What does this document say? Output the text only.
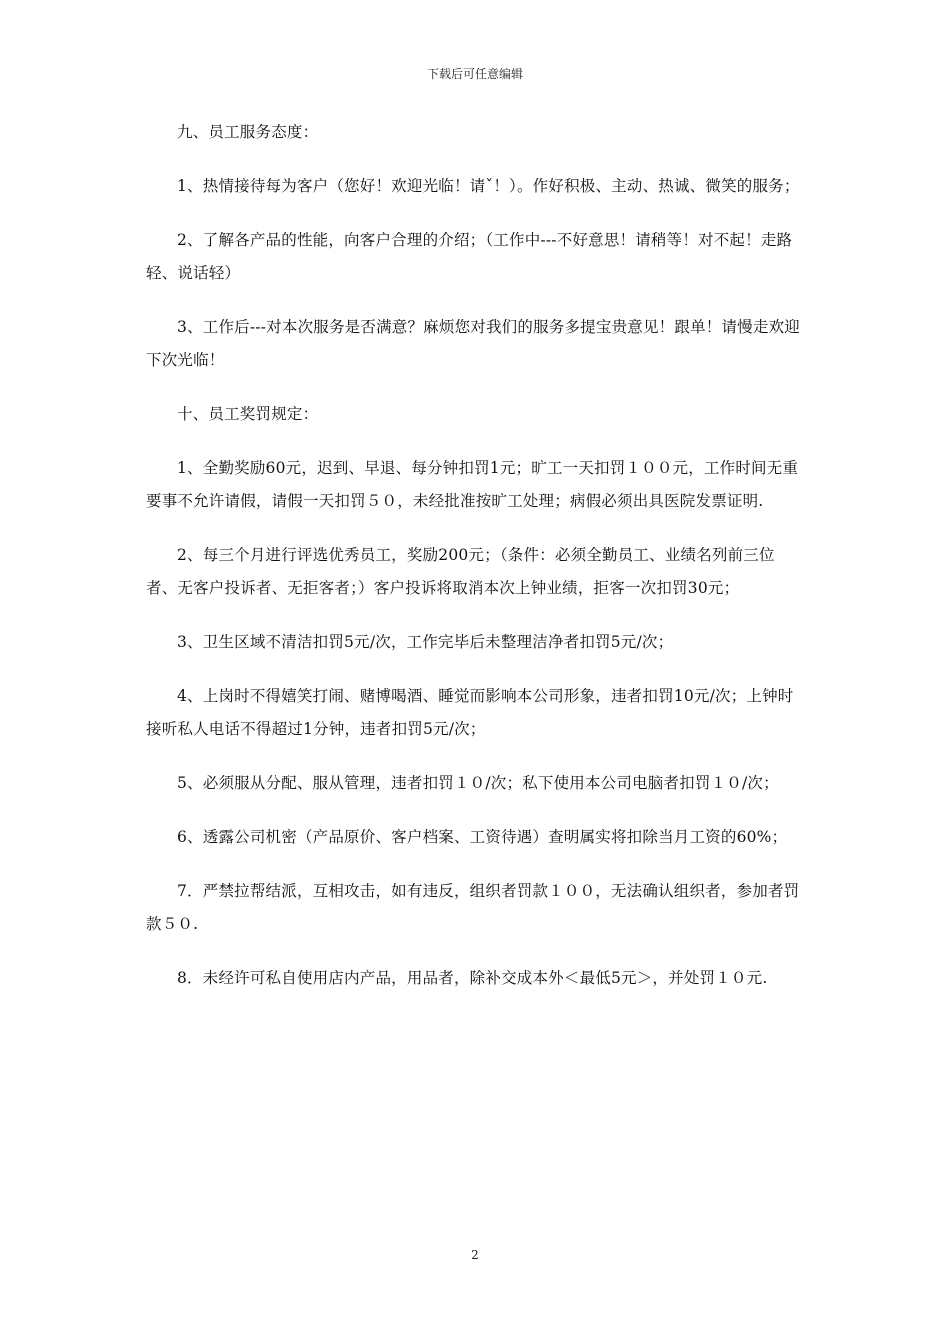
下载后可任意编辑

九、员工服务态度：

1、热情接待每为客户（您好！欢迎光临！请ˇ！）。作好积极、主动、热诚、微笑的服务；

2、了解各产品的性能，向客户合理的介绍；（工作中---不好意思！请稍等！对不起！走路轻、说话轻）

3、工作后---对本次服务是否满意？麻烦您对我们的服务多提宝贵意见！跟单！请慢走欢迎下次光临！

十、员工奖罚规定：

1、全勤奖励60元，迟到、早退、每分钟扣罚1元；旷工一天扣罚１００元，工作时间无重要事不允许请假，请假一天扣罚５０，未经批准按旷工处理；病假必须出具医院发票证明.

2、每三个月进行评选优秀员工，奖励200元；（条件：必须全勤员工、业绩名列前三位者、无客户投诉者、无拒客者；）客户投诉将取消本次上钟业绩，拒客一次扣罚30元；

3、卫生区域不清洁扣罚5元/次，工作完毕后未整理洁净者扣罚5元/次；

4、上岗时不得嬉笑打闹、赌博喝酒、睡觉而影响本公司形象，违者扣罚10元/次；上钟时接听私人电话不得超过1分钟，违者扣罚5元/次；

5、必须服从分配、服从管理，违者扣罚１０/次；私下使用本公司电脑者扣罚１０/次；

6、透露公司机密（产品原价、客户档案、工资待遇）查明属实将扣除当月工资的60%；

7．严禁拉帮结派，互相攻击，如有违反，组织者罚款１００，无法确认组织者，参加者罚款５０.

8．未经许可私自使用店内产品，用品者，除补交成本外＜最低5元＞，并处罚１０元.

2
